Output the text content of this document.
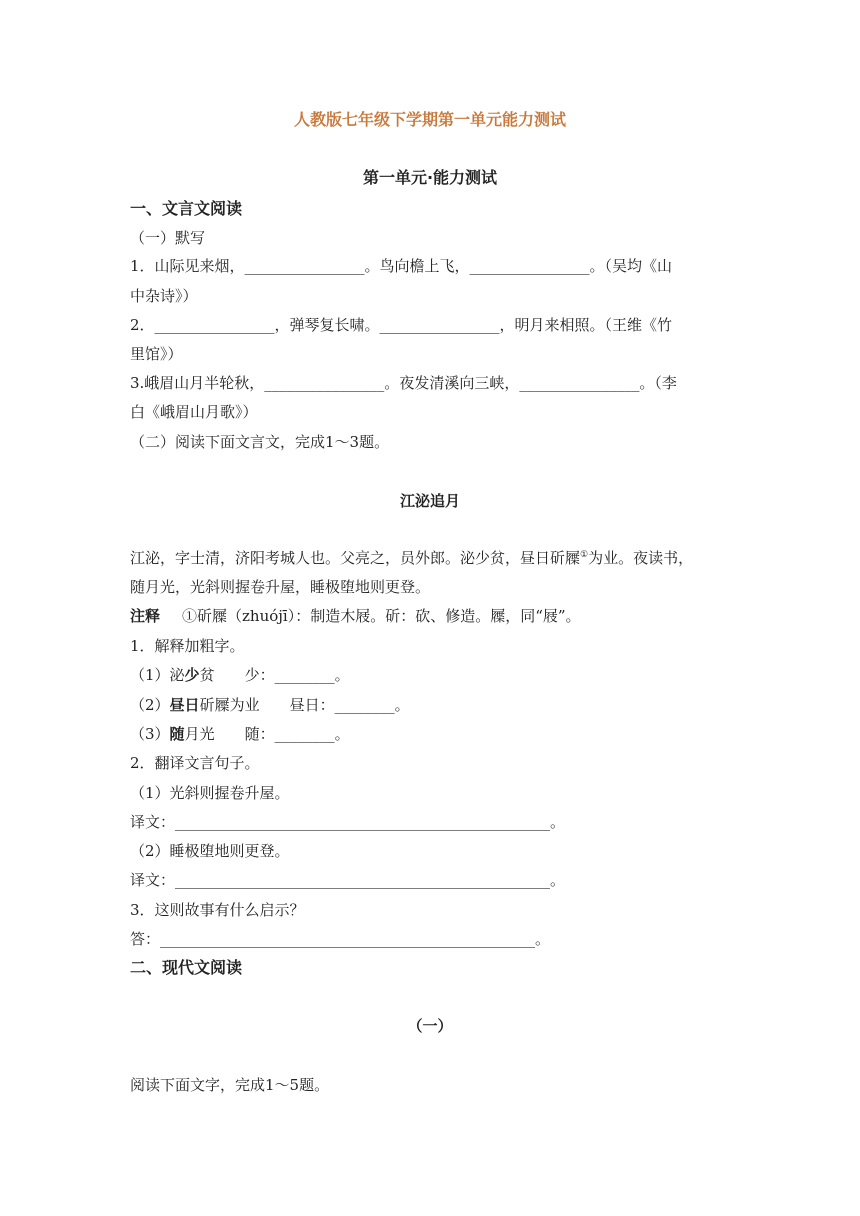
人教版七年级下学期第一单元能力测试
第一单元·能力测试
一、文言文阅读
（一）默写
1．山际见来烟，________________。鸟向檐上飞，________________。（吴均《山
中杂诗》）
2．________________，弹琴复长啸。________________，明月来相照。（王维《竹
里馆》）
3.峨眉山月半轮秋，________________。夜发清溪向三峡，________________。（李
白《峨眉山月歌》）
（二）阅读下面文言文，完成1～3题。
江泌追月
江泌，字士清，济阳考城人也。父亮之，员外郎。泌少贫，昼日斫屧①为业。夜读书，
随月光，光斜则握卷升屋，睡极堕地则更登。
注释 ①斫屧（zhuójī）：制造木屐。斫：砍、修造。屧，同“屐”。
1．解释加粗字。
（1）泌少贫　　少：________。
（2）昼日斫屧为业　　昼日：________。
（3）随月光　　随：________。
2．翻译文言句子。
（1）光斜则握卷升屋。
译文：__________________________________________________。
（2）睡极堕地则更登。
译文：__________________________________________________。
3．这则故事有什么启示？
答：__________________________________________________。
二、现代文阅读
（一）
阅读下面文字，完成1～5题。
